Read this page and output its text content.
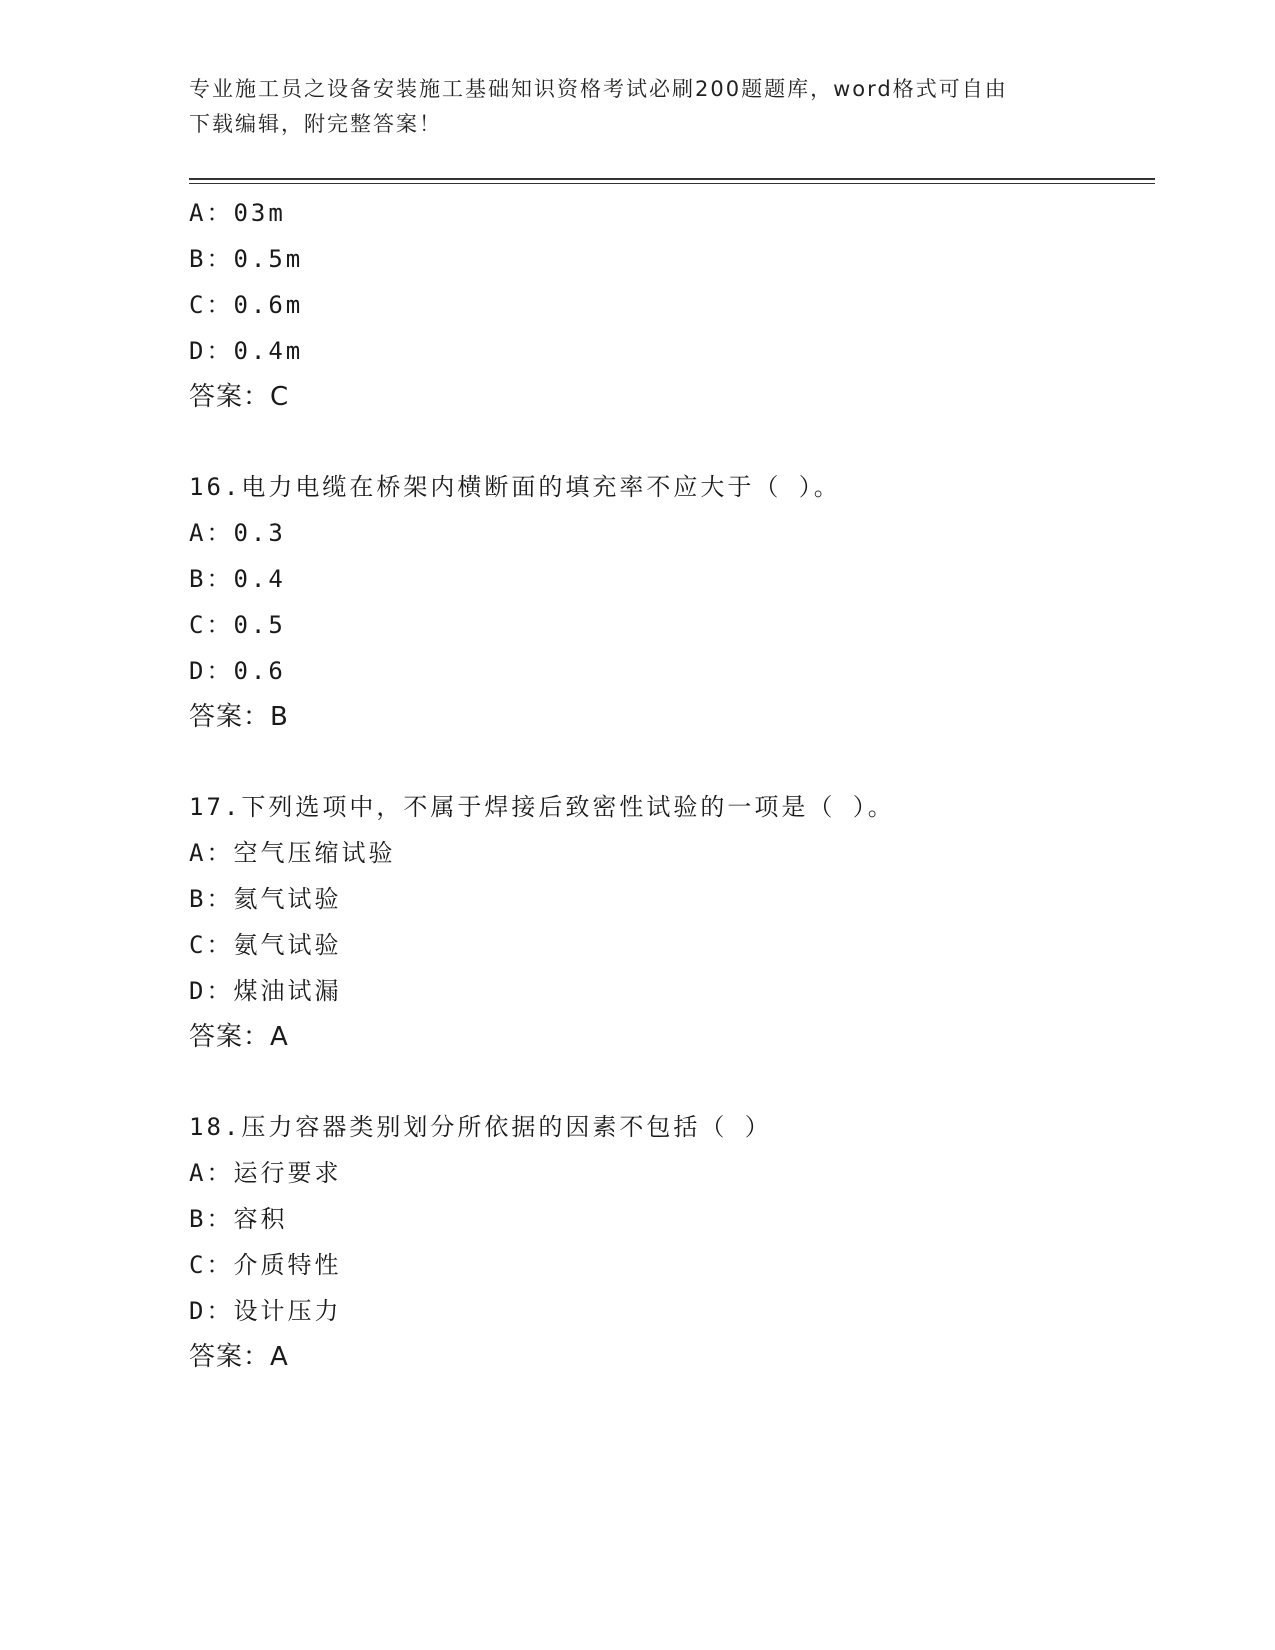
专业施工员之设备安装施工基础知识资格考试必刷200题题库，word格式可自由
下载编辑，附完整答案！
A：03m
B：0.5m
C：0.6m
D：0.4m
答案：C
16.电力电缆在桥架内横断面的填充率不应大于（ ）。
A：0.3
B：0.4
C：0.5
D：0.6
答案：B
17.下列选项中，不属于焊接后致密性试验的一项是（ ）。
A：空气压缩试验
B：氦气试验
C：氨气试验
D：煤油试漏
答案：A
18.压力容器类别划分所依据的因素不包括（ ）
A：运行要求
B：容积
C：介质特性
D：设计压力
答案：A
